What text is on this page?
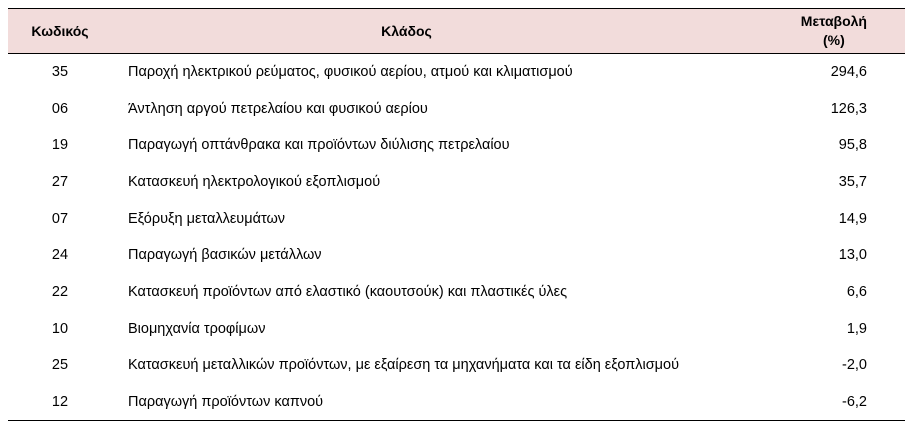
Κωδικός	Κλάδος	Μεταβολή
(%)
35	Παροχή ηλεκτρικού ρεύματος, φυσικού αερίου, ατμού και κλιματισμού	294,6
06	Άντληση αργού πετρελαίου και φυσικού αερίου	126,3
19	Παραγωγή οπτάνθρακα και προϊόντων διύλισης πετρελαίου	95,8
27	Κατασκευή ηλεκτρολογικού εξοπλισμού	35,7
07	Εξόρυξη μεταλλευμάτων	14,9
24	Παραγωγή βασικών μετάλλων	13,0
22	Κατασκευή προϊόντων από ελαστικό (καουτσούκ) και πλαστικές ύλες	6,6
10	Βιομηχανία τροφίμων	1,9
25	Κατασκευή μεταλλικών προϊόντων, με εξαίρεση τα μηχανήματα και τα είδη εξοπλισμού	-2,0
12	Παραγωγή προϊόντων καπνού	-6,2
